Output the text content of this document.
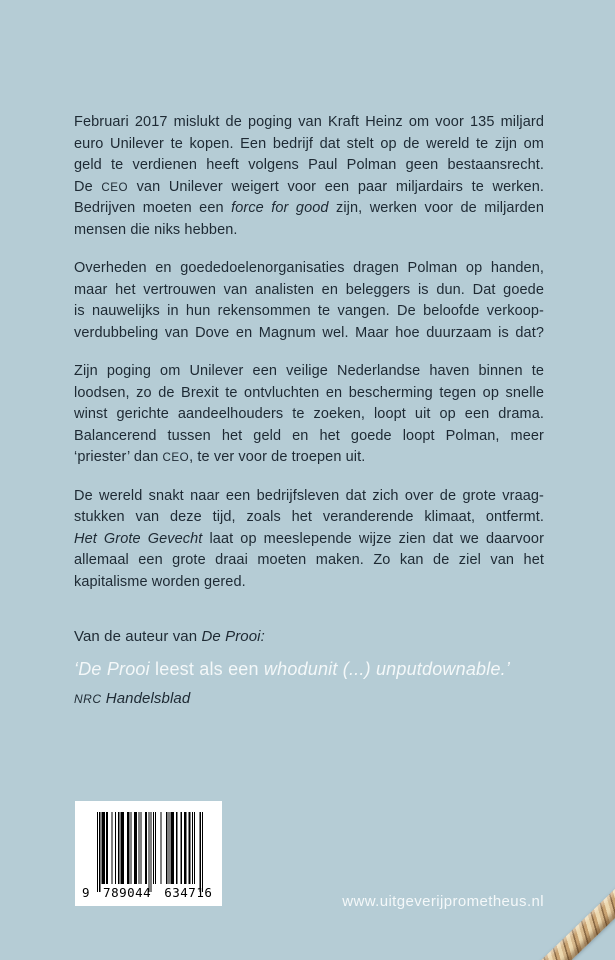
Februari 2017 mislukt de poging van Kraft Heinz om voor 135 miljard
euro Unilever te kopen. Een bedrijf dat stelt op de wereld te zijn om
geld te verdienen heeft volgens Paul Polman geen bestaansrecht.
De CEO van Unilever weigert voor een paar miljardairs te werken.
Bedrijven moeten een force for good zijn, werken voor de miljarden
mensen die niks hebben.

Overheden en goededoelenorganisaties dragen Polman op handen,
maar het vertrouwen van analisten en beleggers is dun. Dat goede
is nauwelijks in hun rekensommen te vangen. De beloofde verkoop-
verdubbeling van Dove en Magnum wel. Maar hoe duurzaam is dat?

Zijn poging om Unilever een veilige Nederlandse haven binnen te
loodsen, zo de Brexit te ontvluchten en bescherming tegen op snelle
winst gerichte aandeelhouders te zoeken, loopt uit op een drama.
Balancerend tussen het geld en het goede loopt Polman, meer
‘priester’ dan CEO, te ver voor de troepen uit.

De wereld snakt naar een bedrijfsleven dat zich over de grote vraag-
stukken van deze tijd, zoals het veranderende klimaat, ontfermt.
Het Grote Gevecht laat op meeslepende wijze zien dat we daarvoor
allemaal een grote draai moeten maken. Zo kan de ziel van het
kapitalisme worden gered.

Van de auteur van De Prooi:
‘De Prooi leest als een whodunit (...) unputdownable.’
NRC Handelsblad
9 789044 634716
www.uitgeverijprometheus.nl
